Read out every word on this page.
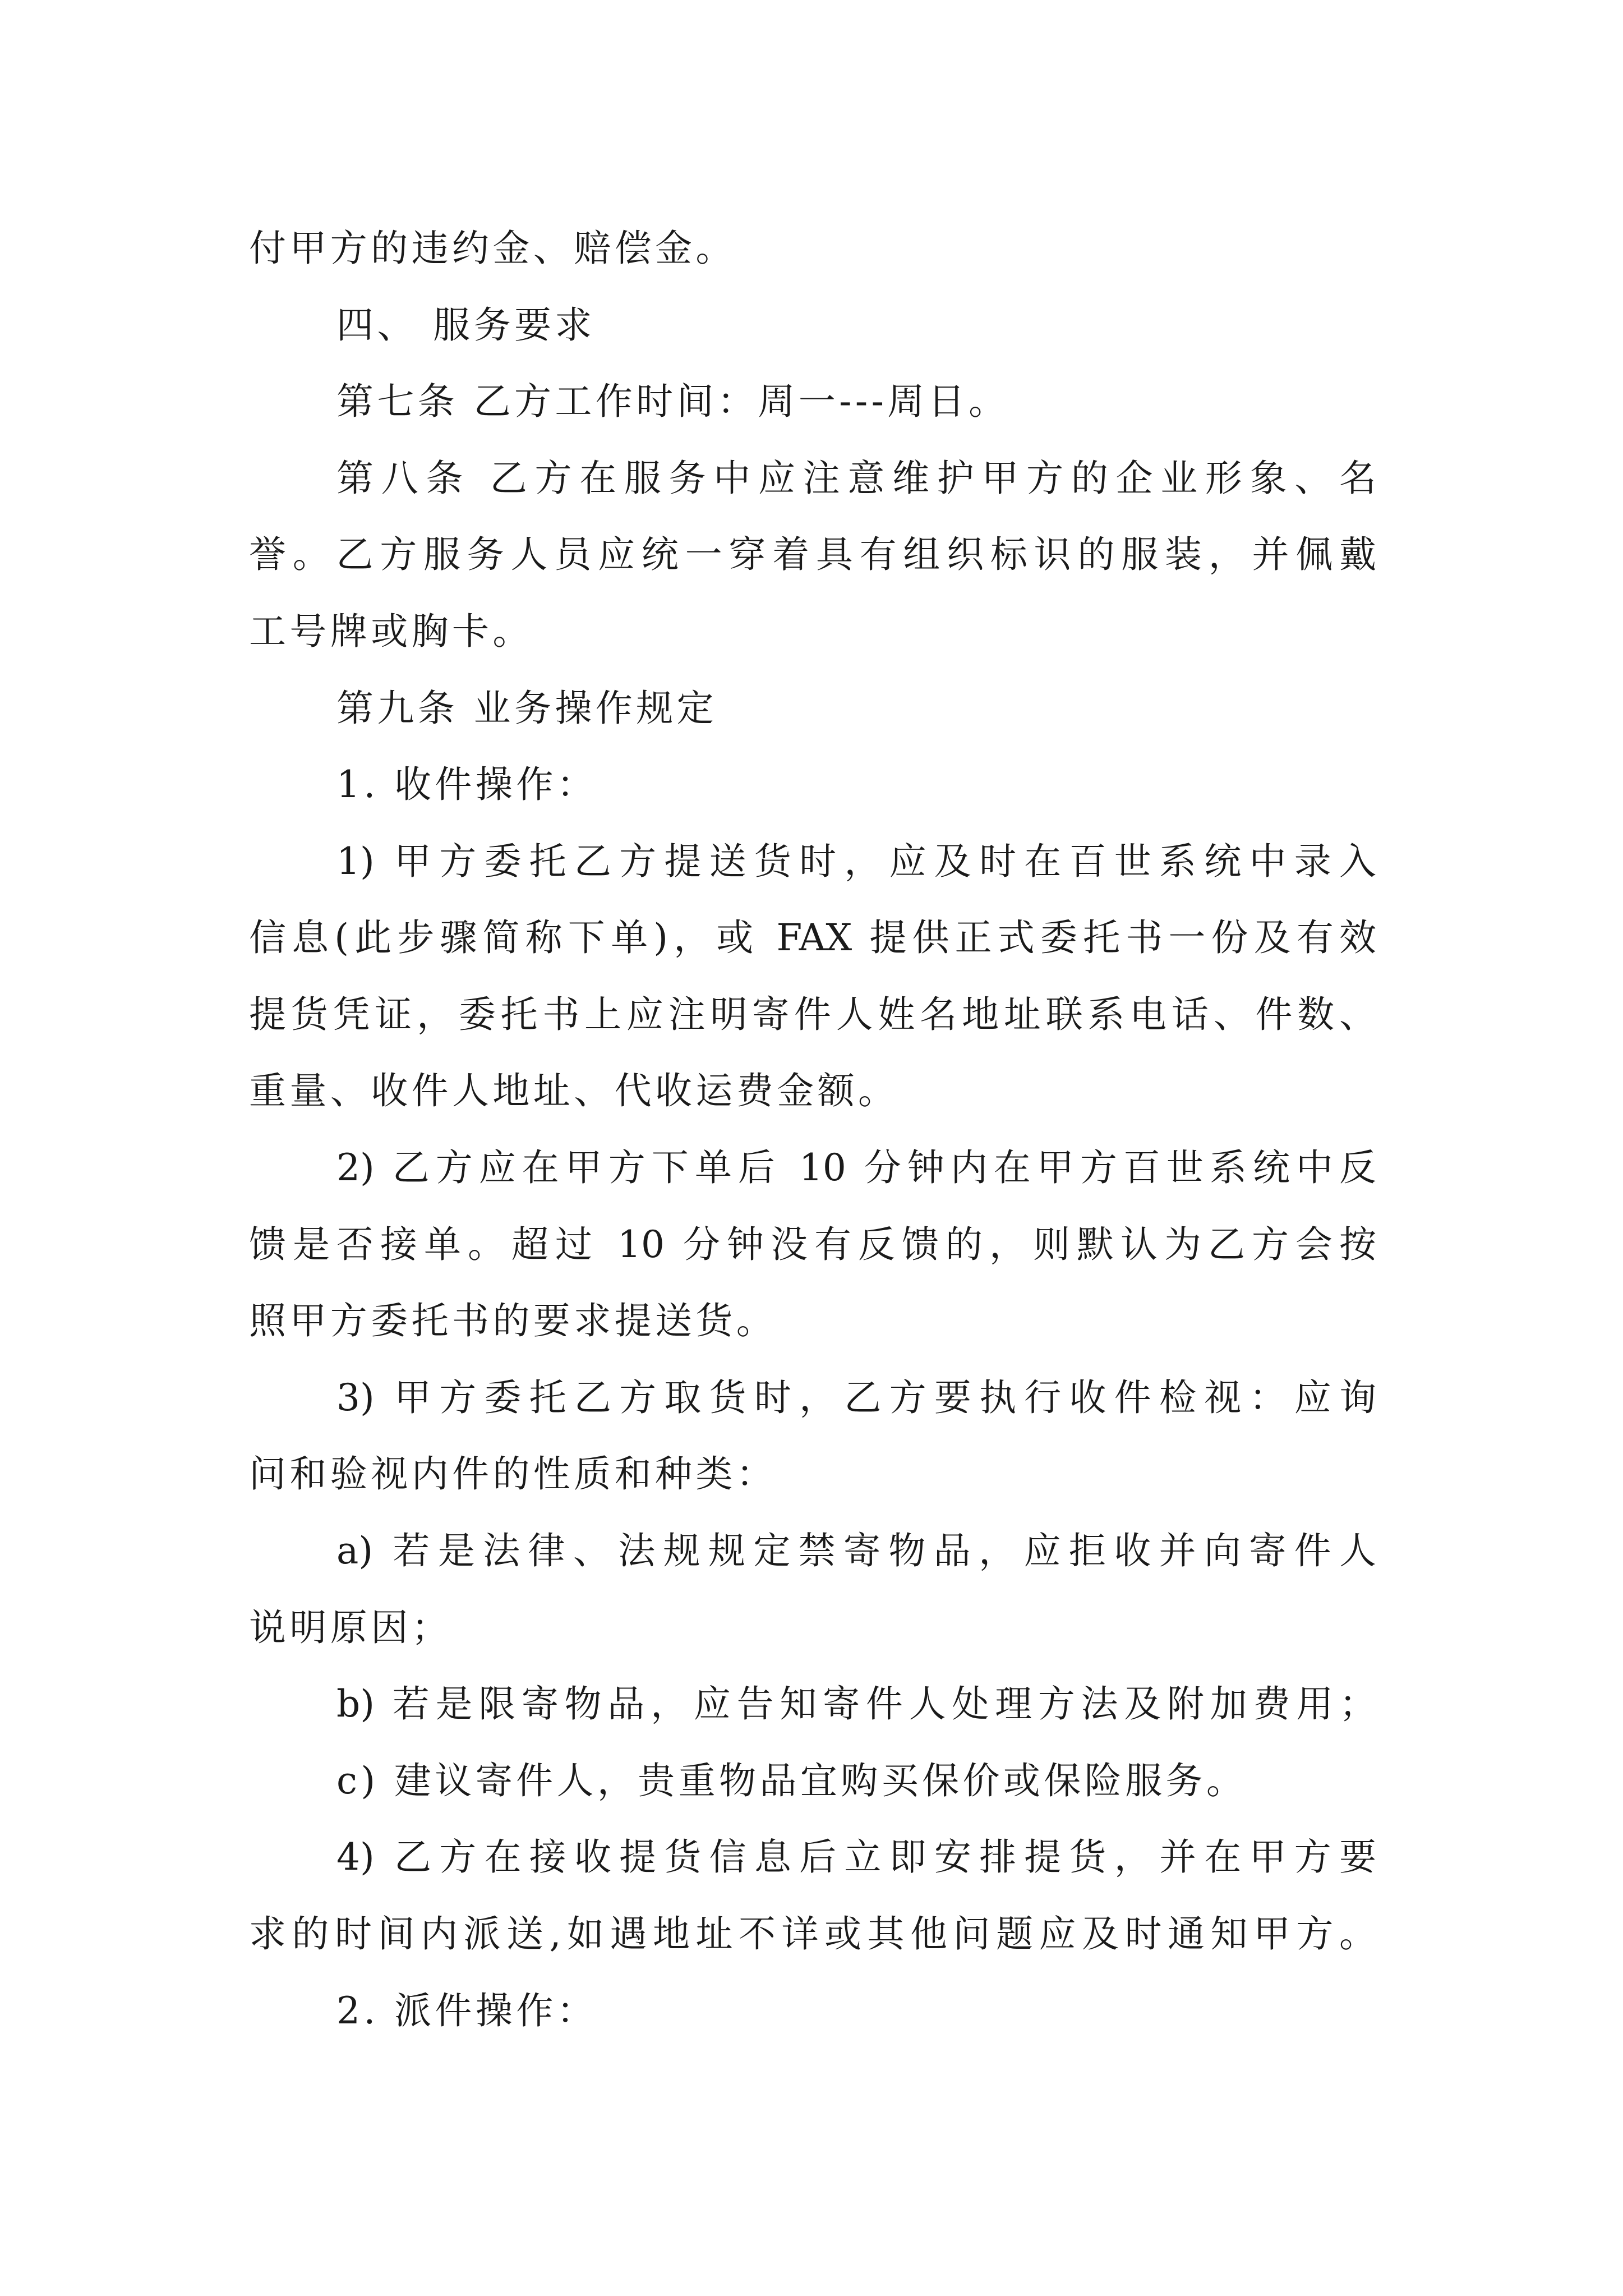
付甲方的违约金、赔偿金。
四、 服务要求
第七条 乙方工作时间：周一---周日。
第八条 乙方在服务中应注意维护甲方的企业形象、名
誉。乙方服务人员应统一穿着具有组织标识的服装，并佩戴
工号牌或胸卡。
第九条 业务操作规定
1. 收件操作：
1) 甲方委托乙方提送货时，应及时在百世系统中录入
信息(此步骤简称下单)，或 FAX 提供正式委托书一份及有效
提货凭证，委托书上应注明寄件人姓名地址联系电话、件数、
重量、收件人地址、代收运费金额。
2) 乙方应在甲方下单后 10 分钟内在甲方百世系统中反
馈是否接单。超过 10 分钟没有反馈的，则默认为乙方会按
照甲方委托书的要求提送货。
3) 甲方委托乙方取货时，乙方要执行收件检视：应询
问和验视内件的性质和种类：
a) 若是法律、法规规定禁寄物品，应拒收并向寄件人
说明原因；
b) 若是限寄物品，应告知寄件人处理方法及附加费用；
c) 建议寄件人，贵重物品宜购买保价或保险服务。
4) 乙方在接收提货信息后立即安排提货，并在甲方要
求的时间内派送,如遇地址不详或其他问题应及时通知甲方。
2. 派件操作：
